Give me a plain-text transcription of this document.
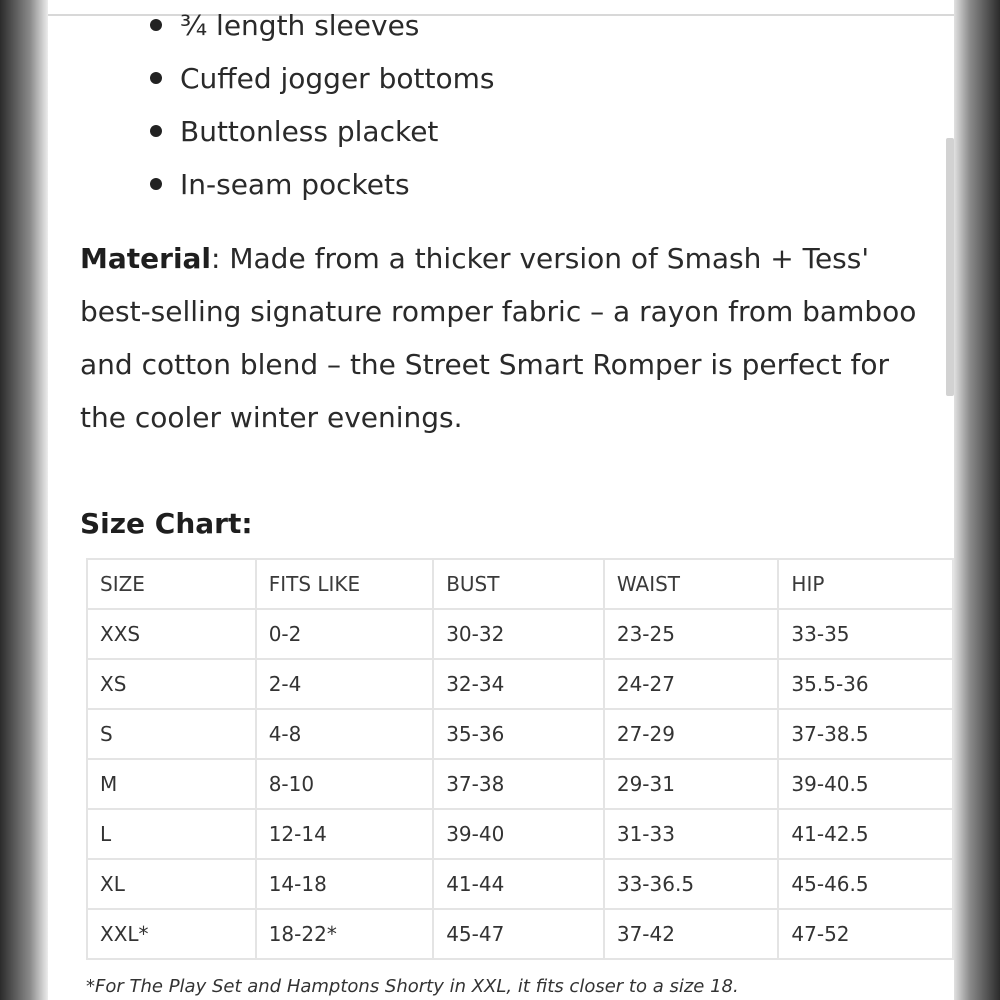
¾ length sleeves
Cuffed jogger bottoms
Buttonless placket
In-seam pockets

Material: Made from a thicker version of Smash + Tess' best-selling signature romper fabric – a rayon from bamboo and cotton blend – the Street Smart Romper is perfect for the cooler winter evenings.

Size Chart:
SIZE	FITS LIKE	BUST	WAIST	HIP
XXS	0-2	30-32	23-25	33-35
XS	2-4	32-34	24-27	35.5-36
S	4-8	35-36	27-29	37-38.5
M	8-10	37-38	29-31	39-40.5
L	12-14	39-40	31-33	41-42.5
XL	14-18	41-44	33-36.5	45-46.5
XXL*	18-22*	45-47	37-42	47-52

*For The Play Set and Hamptons Shorty in XXL, it fits closer to a size 18.
